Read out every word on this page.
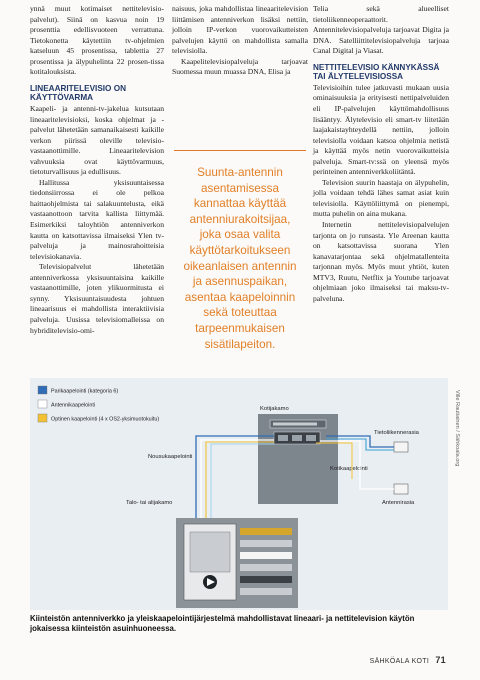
ynnä muut kotimaiset nettitelevisio-palvelut). Siinä on kasvua noin 19 prosenttia edellisvuoteen verrattuna. Tietokonetta käytettiin tv-ohjelmien katseluun 45 prosentissa, tablettia 27 prosentissa ja älypuhelinta 22 prosen-tissa kotitalouksista.

LINEAARITELEVISIO ON KÄYTTÖVARMA

Kaapeli- ja antenni-tv-jakelua kutsutaan lineaaritelevisioksi, koska ohjelmat ja -palvelut lähetetään samanaikaisesti kaikille verkon piirissä oleville televisio-vastaanottimille. Lineaaritelevision vahvuuksia ovat käyttövarmuus, tietoturvallisuus ja edullisuus.

Hallitussa yksisuuntaisessa tiedonsiirrossa ei ole pelkoa haittaohjelmista tai salakuuntelusta, eikä vastaanottoon tarvita kallista liittymää. Esimerkiksi taloyhtiön antenniverkon kautta on katsottavissa ilmaiseksi Ylen tv-palveluja ja mainosrahoitteisia televisiokanavia.

Televisiopalvelut lähetetään antenniverkossa yksisuuntaisina kaikille vastaanottimille, joten ylikuormitusta ei synny. Yksisuuntaisuudesta johtuen lineaarisuus ei mahdollista interaktiivisia palveluja. Uusissa televisiomalleissa on hybriditelevisio-omi-

naisuus, joka mahdollistaa lineaaritelevision liittämisen antenniverkon lisäksi nettiin, jolloin IP-verkon vuorovaikutteisten palvelujen käyttö on mahdollista samalla televisiolla.

Kaapelitelevisiopalveluja tarjoavat Suomessa muun muassa DNA, Elisa ja

Suunta-antennin
asentamisessa
kannattaa käyttää
antenniurakoitsijaa,
joka osaa valita
käyttötarkoitukseen
oikeanlaisen antennin
ja asennuspaikan,
asentaa kaapeloinnin
sekä toteuttaa
tarpeenmukaisen
sisätilapeiton.

Telia sekä alueelliset tietoliikenneoperaattorit. Antennitelevisiopalveluja tarjoavat Digita ja DNA. Satelliittitelevisiopalveluja tarjoaa Canal Digital ja Viasat.

NETTITELEVISIO KÄNNYKÄSSÄ TAI ÄLYTELEVISIOSSA

Televisioihin tulee jatkuvasti mukaan uusia ominaisuuksia ja erityisesti nettipalveluiden eli IP-palvelujen käyttömahdollisuus lisääntyy. Älytelevisio eli smart-tv liitetään laajakaistayhteydellä nettiin, jolloin televisiolla voidaan katsoa ohjelmia netistä ja käyttää myös netin vuorovaikutteisia palveluja. Smart-tv:ssä on yleensä myös perinteinen antenniverkkoliitäntä.

Television suurin haastaja on älypuhelin, jolla voidaan tehdä lähes samat asiat kuin televisiolla. Käyttöliittymä on pienempi, mutta puhelin on aina mukana.

Internetin nettitelevisiopalvelujen tarjonta on jo runsasta. Yle Areenan kautta on katsottavissa suorana Ylen kanavatarjontaa sekä ohjelmatallenteita tarjonnan myös. Myös muut yhtiöt, kuten MTV3, Ruutu, Netflix ja Youtube tarjoavat ohjelmiaan joko ilmaiseksi tai maksu-tv-palveluna.

Parikaapelointi (kategoria 6)
Antennikaapelointi
Optinen kaapelointi (4 x OS2-yksimuotokuitu)
Kotijakamo
Tietoliikennerasia
Antennirasia
Kotikaapelointi
Nousukaapelointi
Talo- tai alijakamo
Ville Rautiainen / Sähkoala.org
Kiinteistön antenniverkko ja yleiskaapelointijärjestelmä mahdollistavat lineaari- ja nettitelevision käytön jokaisessa kiinteistön asuinhuoneessa.
SÄHKÖALA KOTI 71
